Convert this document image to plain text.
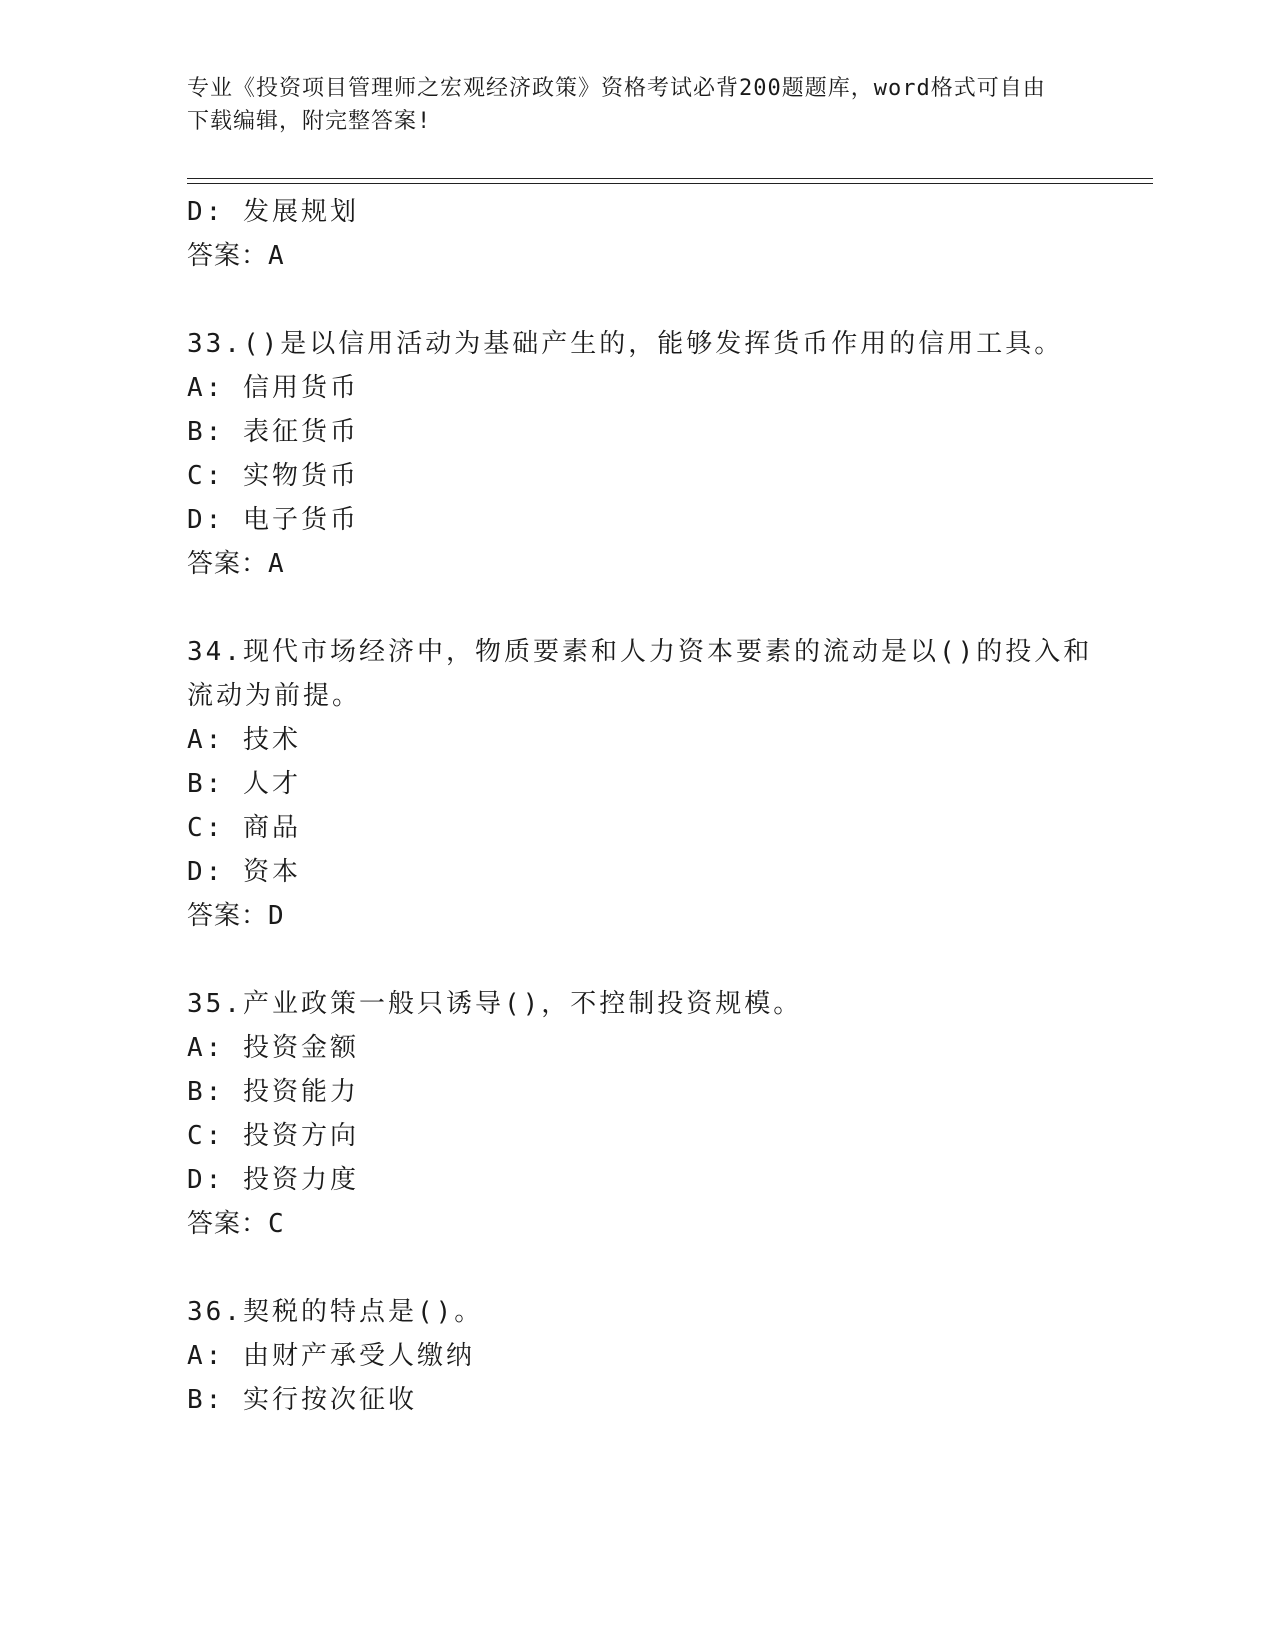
专业《投资项目管理师之宏观经济政策》资格考试必背200题题库，word格式可自由下载编辑，附完整答案!
D: 发展规划
答案：A
33.()是以信用活动为基础产生的，能够发挥货币作用的信用工具。
A: 信用货币
B: 表征货币
C: 实物货币
D: 电子货币
答案：A
34.现代市场经济中，物质要素和人力资本要素的流动是以()的投入和
流动为前提。
A: 技术
B: 人才
C: 商品
D: 资本
答案：D
35.产业政策一般只诱导()，不控制投资规模。
A: 投资金额
B: 投资能力
C: 投资方向
D: 投资力度
答案：C
36.契税的特点是()。
A: 由财产承受人缴纳
B: 实行按次征收
